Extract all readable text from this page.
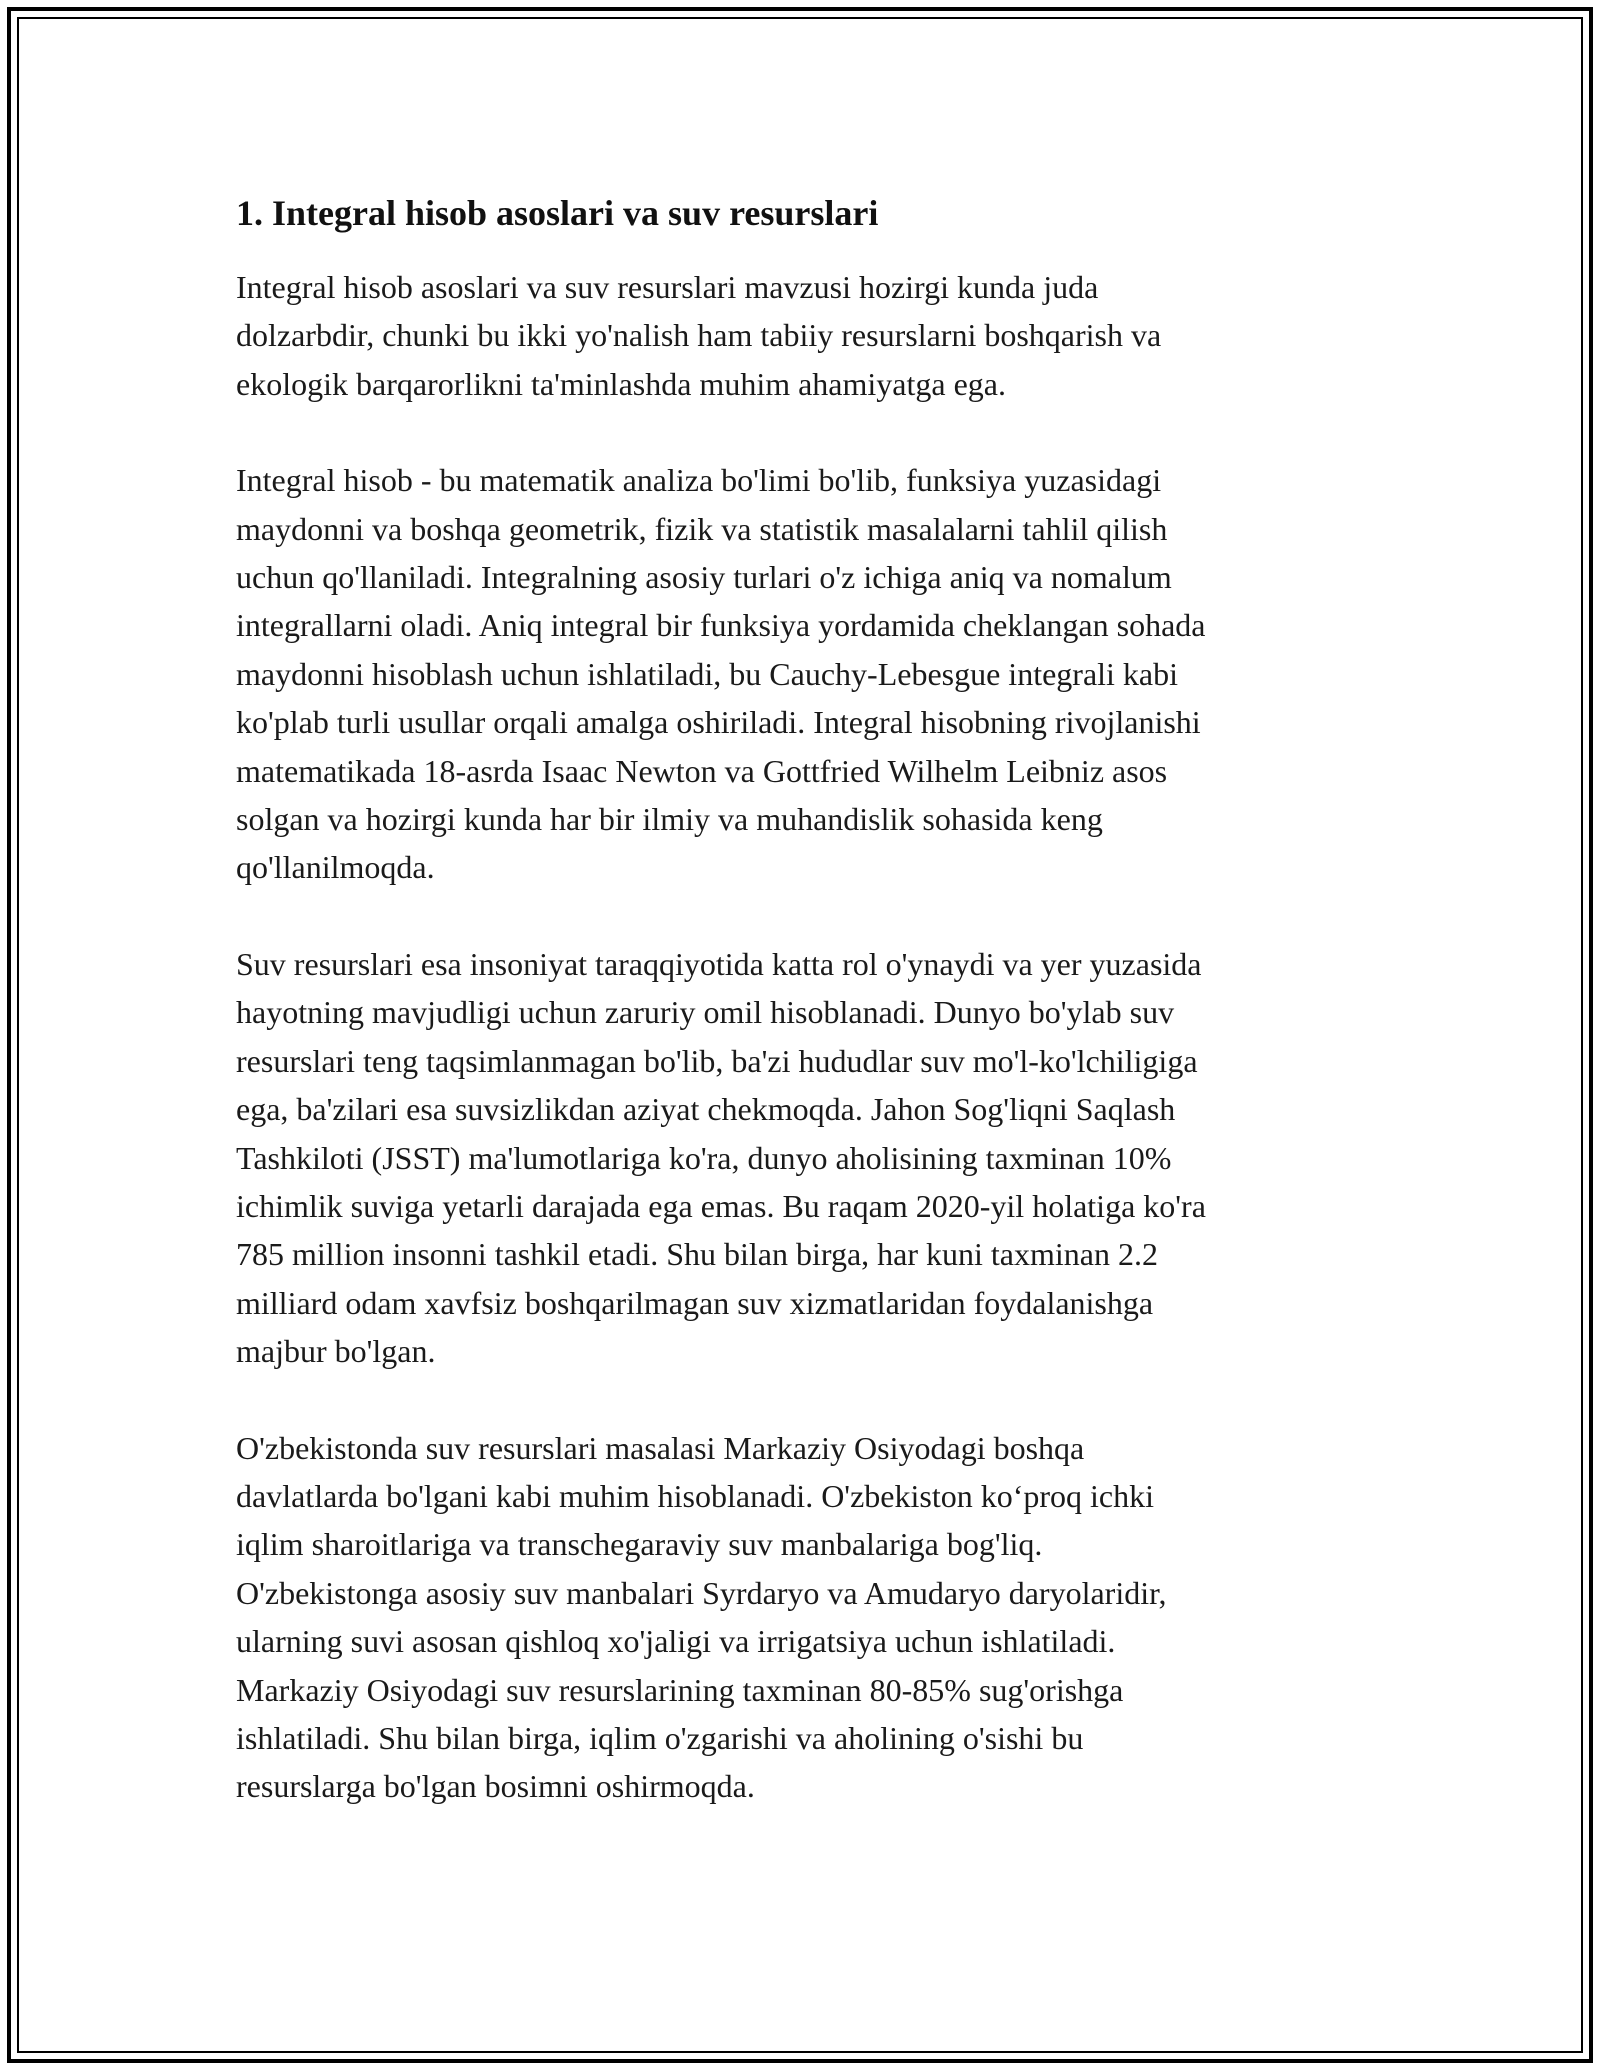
1. Integral hisob asoslari va suv resurslari

Integral hisob asoslari va suv resurslari mavzusi hozirgi kunda juda
dolzarbdir, chunki bu ikki yo'nalish ham tabiiy resurslarni boshqarish va
ekologik barqarorlikni ta'minlashda muhim ahamiyatga ega.

Integral hisob - bu matematik analiza bo'limi bo'lib, funksiya yuzasidagi
maydonni va boshqa geometrik, fizik va statistik masalalarni tahlil qilish
uchun qo'llaniladi. Integralning asosiy turlari o'z ichiga aniq va nomalum
integrallarni oladi. Aniq integral bir funksiya yordamida cheklangan sohada
maydonni hisoblash uchun ishlatiladi, bu Cauchy-Lebesgue integrali kabi
ko'plab turli usullar orqali amalga oshiriladi. Integral hisobning rivojlanishi
matematikada 18-asrda Isaac Newton va Gottfried Wilhelm Leibniz asos
solgan va hozirgi kunda har bir ilmiy va muhandislik sohasida keng
qo'llanilmoqda.

Suv resurslari esa insoniyat taraqqiyotida katta rol o'ynaydi va yer yuzasida
hayotning mavjudligi uchun zaruriy omil hisoblanadi. Dunyo bo'ylab suv
resurslari teng taqsimlanmagan bo'lib, ba'zi hududlar suv mo'l-ko'lchiligiga
ega, ba'zilari esa suvsizlikdan aziyat chekmoqda. Jahon Sog'liqni Saqlash
Tashkiloti (JSST) ma'lumotlariga ko'ra, dunyo aholisining taxminan 10%
ichimlik suviga yetarli darajada ega emas. Bu raqam 2020-yil holatiga ko'ra
785 million insonni tashkil etadi. Shu bilan birga, har kuni taxminan 2.2
milliard odam xavfsiz boshqarilmagan suv xizmatlaridan foydalanishga
majbur bo'lgan.

O'zbekistonda suv resurslari masalasi Markaziy Osiyodagi boshqa
davlatlarda bo'lgani kabi muhim hisoblanadi. O'zbekiston ko‘proq ichki
iqlim sharoitlariga va transchegaraviy suv manbalariga bog'liq.
O'zbekistonga asosiy suv manbalari Syrdaryo va Amudaryo daryolaridir,
ularning suvi asosan qishloq xo'jaligi va irrigatsiya uchun ishlatiladi.
Markaziy Osiyodagi suv resurslarining taxminan 80-85% sug'orishga
ishlatiladi. Shu bilan birga, iqlim o'zgarishi va aholining o'sishi bu
resurslarga bo'lgan bosimni oshirmoqda.
